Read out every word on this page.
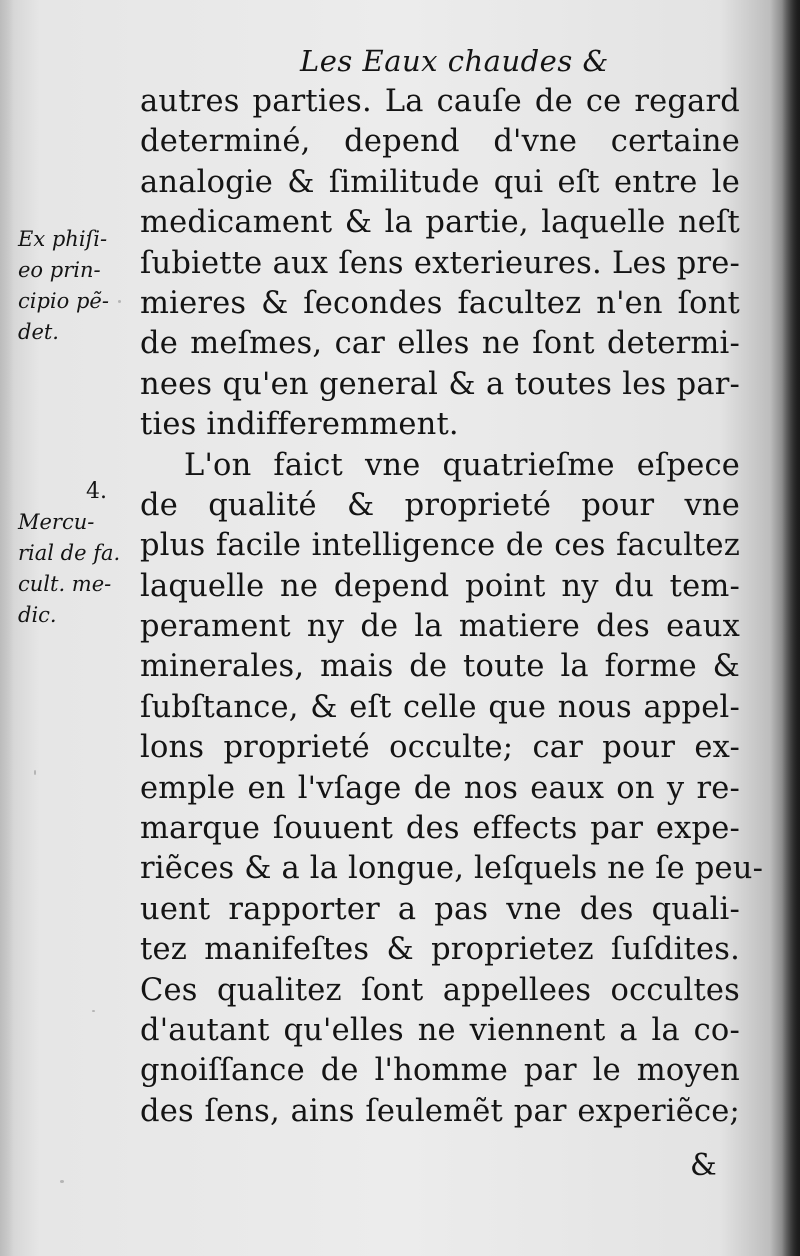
Les Eaux chaudes &
autres parties. La cauſe de ce regard
determiné, depend d'vne certaine
analogie & ſimilitude qui eſt entre le
medicament & la partie, laquelle neſt
ſubiette aux ſens exterieures. Les pre-
mieres & ſecondes facultez n'en ſont
de meſmes, car elles ne ſont determi-
nees qu'en general & a toutes les par-
ties indifferemment.
L'on faict vne quatrieſme eſpece
de qualité & proprieté pour vne
plus facile intelligence de ces facultez
laquelle ne depend point ny du tem-
perament ny de la matiere des eaux
minerales, mais de toute la forme &
ſubſtance, & eſt celle que nous appel-
lons proprieté occulte; car pour ex-
emple en l'vſage de nos eaux on y re-
marque ſouuent des effects par expe-
riẽces & a la longue, leſquels ne ſe peu-
uent rapporter a pas vne des quali-
tez manifeſtes & proprietez ſuſdites.
Ces qualitez ſont appellees occultes
d'autant qu'elles ne viennent a la co-
gnoiſſance de l'homme par le moyen
des ſens, ains ſeulemẽt par experiẽce;
&
Ex phiſi-
eo prin-
cipio pẽ-
det.
4.
Mercu-
rial de fa.
cult. me-
dic.
